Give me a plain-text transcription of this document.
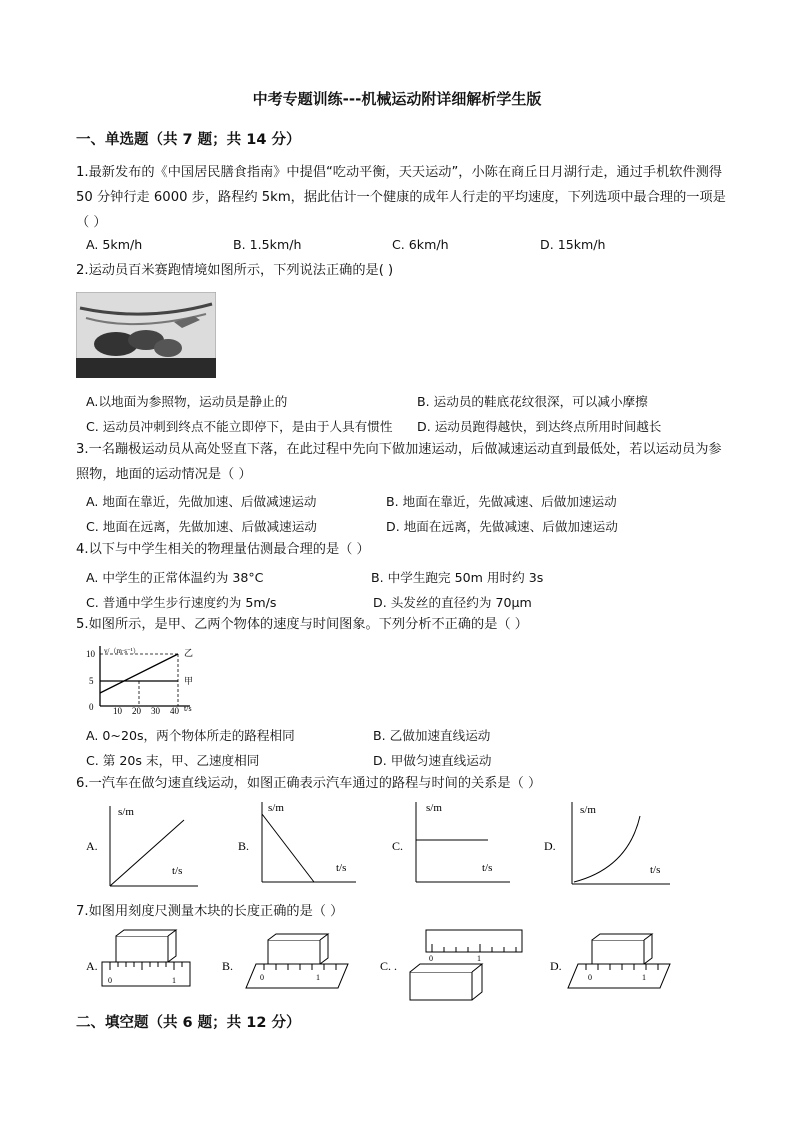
中考专题训练---机械运动附详细解析学生版
一、单选题（共 7 题；共 14 分）
1.最新发布的《中国居民膳食指南》中提倡“吃动平衡，天天运动”，小陈在商丘日月湖行走，通过手机软件测得 50 分钟行走 6000 步，路程约 5km，据此估计一个健康的成年人行走的平均速度，下列选项中最合理的一项是（ ）
A. 5km/h	B. 1.5km/h	C. 6km/h	D. 15km/h
2.运动员百米赛跑情境如图所示，下列说法正确的是( )
A.以地面为参照物，运动员是静止的	B. 运动员的鞋底花纹很深，可以减小摩擦
C. 运动员冲刺到终点不能立即停下，是由于人具有惯性 D. 运动员跑得越快，到达终点所用时间越长
3.一名蹦极运动员从高处竖直下落，在此过程中先向下做加速运动，后做减速运动直到最低处，若以运动员为参照物，地面的运动情况是（ ）
A. 地面在靠近，先做加速、后做减速运动	B. 地面在靠近，先做减速、后做加速运动
C. 地面在远离，先做加速、后做减速运动	D. 地面在远离，先做减速、后做加速运动
4.以下与中学生相关的物理量估测最合理的是（ ）
A. 中学生的正常体温约为 38°C	B. 中学生跑完 50m 用时约 3s
C. 普通中学生步行速度约为 5m/s	D. 头发丝的直径约为 70μm
5.如图所示，是甲、乙两个物体的速度与时间图象。下列分析不正确的是（ ）
v/（m·s⁻¹）
10
5
0 10 20 30 40 t/s
乙
甲
A. 0~20s，两个物体所走的路程相同	B. 乙做加速直线运动
C. 第 20s 末，甲、乙速度相同	D. 甲做匀速直线运动
6.一汽车在做匀速直线运动，如图正确表示汽车通过的路程与时间的关系是（ ）
A.
s/m
t/s
B.
s/m
t/s
C.
s/m
t/s
D.
s/m
t/s
7.如图用刻度尺测量木块的长度正确的是（ ）
A.
0	1
B.
0	1
C. .
0	1
D.
0	1
二、填空题（共 6 题；共 12 分）
